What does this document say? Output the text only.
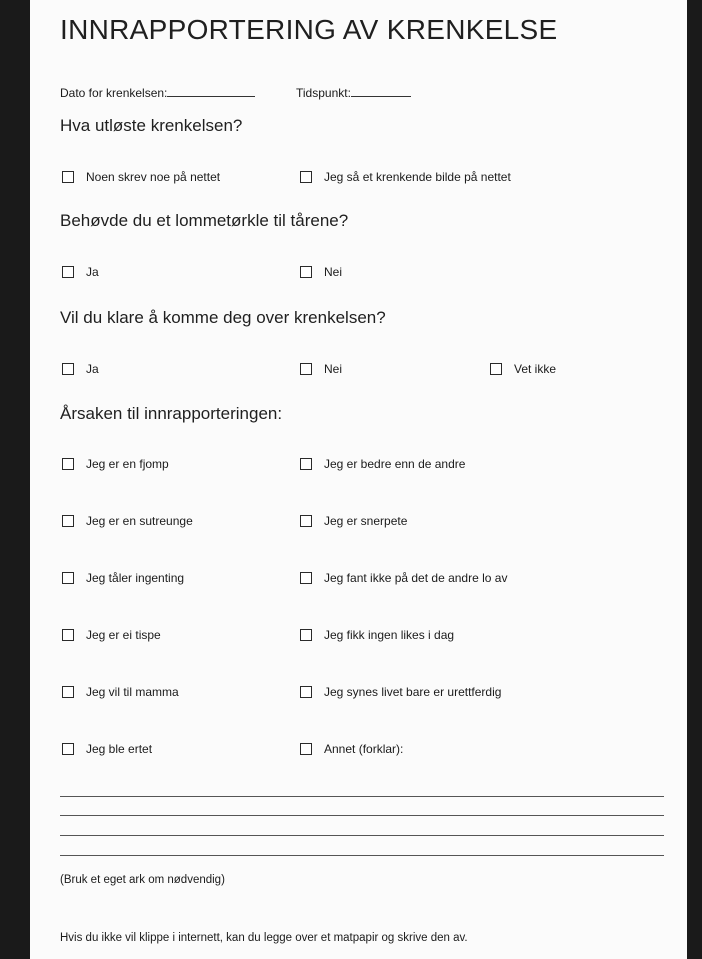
INNRAPPORTERING AV KRENKELSE
Dato for krenkelsen:	Tidspunkt:
Hva utløste krenkelsen?
Noen skrev noe på nettet	Jeg så et krenkende bilde på nettet
Behøvde du et lommetørkle til tårene?
Ja	Nei
Vil du klare å komme deg over krenkelsen?
Ja	Nei	Vet ikke
Årsaken til innrapporteringen:
Jeg er en fjomp
Jeg er en sutreunge
Jeg tåler ingenting
Jeg er ei tispe
Jeg vil til mamma
Jeg ble ertet
Jeg er bedre enn de andre
Jeg er snerpete
Jeg fant ikke på det de andre lo av
Jeg fikk ingen likes i dag
Jeg synes livet bare er urettferdig
Annet (forklar):
(Bruk et eget ark om nødvendig)
Hvis du ikke vil klippe i internett, kan du legge over et matpapir og skrive den av.
